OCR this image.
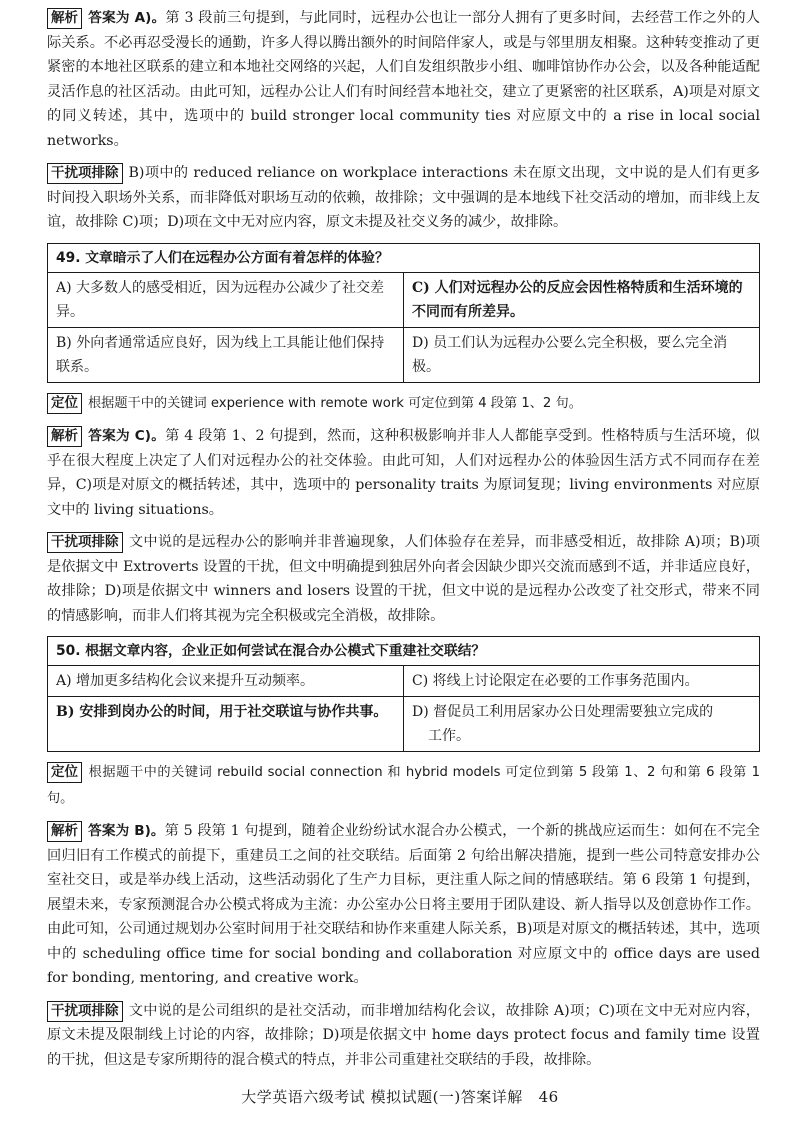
解析 答案为 A)。第 3 段前三句提到，与此同时，远程办公也让一部分人拥有了更多时间，去经营工作之外的人际关系。不必再忍受漫长的通勤，许多人得以腾出额外的时间陪伴家人，或是与邻里朋友相聚。这种转变推动了更紧密的本地社区联系的建立和本地社交网络的兴起，人们自发组织散步小组、咖啡馆协作办公会，以及各种能适配灵活作息的社区活动。由此可知，远程办公让人们有时间经营本地社交，建立了更紧密的社区联系，A)项是对原文的同义转述，其中，选项中的 build stronger local community ties 对应原文中的 a rise in local social networks。

干扰项排除 B)项中的 reduced reliance on workplace interactions 未在原文出现，文中说的是人们有更多时间投入职场外关系，而非降低对职场互动的依赖，故排除；文中强调的是本地线下社交活动的增加，而非线上友谊，故排除 C)项；D)项在文中无对应内容，原文未提及社交义务的减少，故排除。

49. 文章暗示了人们在远程办公方面有着怎样的体验？	
A) 大多数人的感受相近，因为远程办公减少了社交差异。	C) 人们对远程办公的反应会因性格特质和生活环境的不同而有所差异。
B) 外向者通常适应良好，因为线上工具能让他们保持联系。	D) 员工们认为远程办公要么完全积极，要么完全消极。

定位 根据题干中的关键词 experience with remote work 可定位到第 4 段第 1、2 句。

解析 答案为 C)。第 4 段第 1、2 句提到，然而，这种积极影响并非人人都能享受到。性格特质与生活环境，似乎在很大程度上决定了人们对远程办公的社交体验。由此可知，人们对远程办公的体验因生活方式不同而存在差异，C)项是对原文的概括转述，其中，选项中的 personality traits 为原词复现；living environments 对应原文中的 living situations。

干扰项排除 文中说的是远程办公的影响并非普遍现象，人们体验存在差异，而非感受相近，故排除 A)项；B)项是依据文中 Extroverts 设置的干扰，但文中明确提到独居外向者会因缺少即兴交流而感到不适，并非适应良好，故排除；D)项是依据文中 winners and losers 设置的干扰，但文中说的是远程办公改变了社交形式，带来不同的情感影响，而非人们将其视为完全积极或完全消极，故排除。

50. 根据文章内容，企业正如何尝试在混合办公模式下重建社交联结？	
A) 增加更多结构化会议来提升互动频率。	C) 将线上讨论限定在必要的工作事务范围内。
B) 安排到岗办公的时间，用于社交联谊与协作共事。	D) 督促员工利用居家办公日处理需要独立完成的
工作。

定位 根据题干中的关键词 rebuild social connection 和 hybrid models 可定位到第 5 段第 1、2 句和第 6 段第 1 句。

解析 答案为 B)。第 5 段第 1 句提到，随着企业纷纷试水混合办公模式，一个新的挑战应运而生：如何在不完全回归旧有工作模式的前提下，重建员工之间的社交联结。后面第 2 句给出解决措施，提到一些公司特意安排办公室社交日，或是举办线上活动，这些活动弱化了生产力目标，更注重人际之间的情感联结。第 6 段第 1 句提到，展望未来，专家预测混合办公模式将成为主流：办公室办公日将主要用于团队建设、新人指导以及创意协作工作。由此可知，公司通过规划办公室时间用于社交联结和协作来重建人际关系，B)项是对原文的概括转述，其中，选项中的 scheduling office time for social bonding and collaboration 对应原文中的 office days are used for bonding, mentoring, and creative work。

干扰项排除 文中说的是公司组织的是社交活动，而非增加结构化会议，故排除 A)项；C)项在文中无对应内容，原文未提及限制线上讨论的内容，故排除；D)项是依据文中 home days protect focus and family time 设置的干扰，但这是专家所期待的混合模式的特点，并非公司重建社交联结的手段，故排除。

大学英语六级考试 模拟试题(一)答案详解 46
